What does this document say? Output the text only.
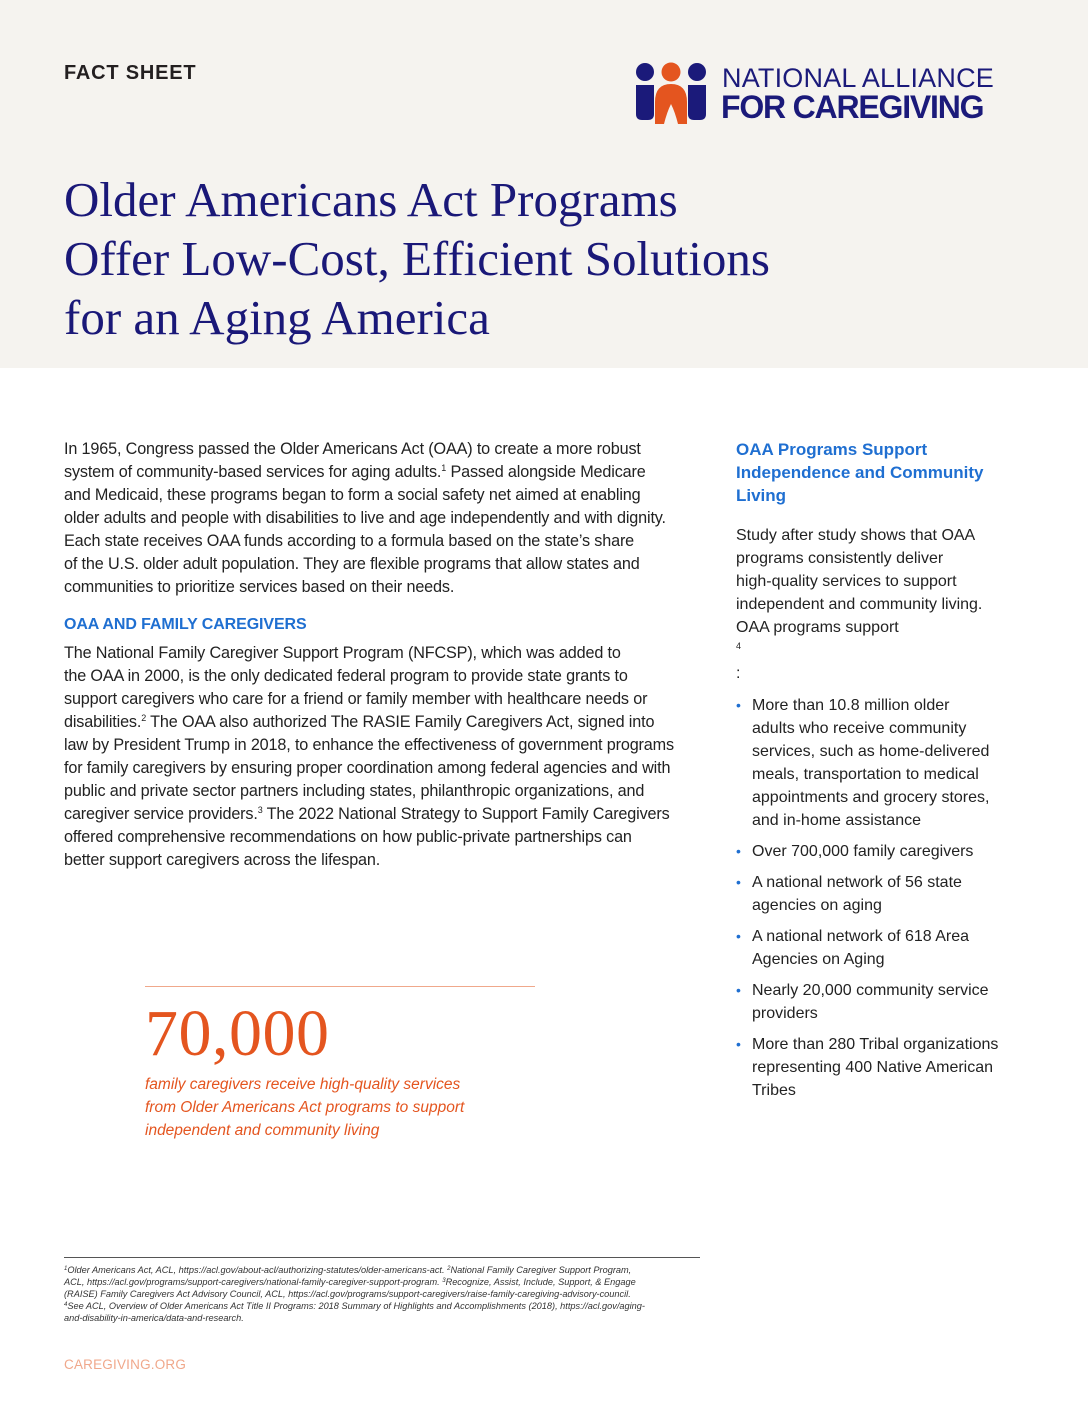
FACT SHEET	NATIONAL ALLIANCE
FOR CAREGIVING
Older Americans Act Programs
Offer Low-Cost, Efficient Solutions
for an Aging America

In 1965, Congress passed the Older Americans Act (OAA) to create a more robust
system of community-based services for aging adults.$^1$ Passed alongside Medicare
and Medicaid, these programs began to form a social safety net aimed at enabling
older adults and people with disabilities to live and age independently and with dignity.
Each state receives OAA funds according to a formula based on the state’s share
of the U.S. older adult population. They are flexible programs that allow states and
communities to prioritize services based on their needs.

OAA AND FAMILY CAREGIVERS

The National Family Caregiver Support Program (NFCSP), which was added to
the OAA in 2000, is the only dedicated federal program to provide state grants to
support caregivers who care for a friend or family member with healthcare needs or
disabilities.$^2$ The OAA also authorized The RASIE Family Caregivers Act, signed into
law by President Trump in 2018, to enhance the effectiveness of government programs
for family caregivers by ensuring proper coordination among federal agencies and with
public and private sector partners including states, philanthropic organizations, and
caregiver service providers.$^3$ The 2022 National Strategy to Support Family Caregivers
offered comprehensive recommendations on how public-private partnerships can
better support caregivers across the lifespan.

70,000
family caregivers receive high-quality services
from Older Americans Act programs to support
independent and community living
OAA Programs Support
Independence and Community
Living

Study after study shows that OAA
programs consistently deliver
high-quality services to support
independent and community living.
OAA programs support
$^4$
:

• More than 10.8 million older
adults who receive community
services, such as home-delivered
meals, transportation to medical
appointments and grocery stores,
and in-home assistance
• Over 700,000 family caregivers
• A national network of 56 state
agencies on aging
• A national network of 618 Area
Agencies on Aging
• Nearly 20,000 community service
providers
• More than 280 Tribal organizations
representing 400 Native American
Tribes
$^1$Older Americans Act, ACL, https://acl.gov/about-acl/authorizing-statutes/older-americans-act. $^2$National Family Caregiver Support Program,
ACL, https://acl.gov/programs/support-caregivers/national-family-caregiver-support-program. $^3$Recognize, Assist, Include, Support, & Engage
(RAISE) Family Caregivers Act Advisory Council, ACL, https://acl.gov/programs/support-caregivers/raise-family-caregiving-advisory-council.
$^4$See ACL, Overview of Older Americans Act Title II Programs: 2018 Summary of Highlights and Accomplishments (2018), https://acl.gov/aging-
and-disability-in-america/data-and-research.
CAREGIVING.ORG
